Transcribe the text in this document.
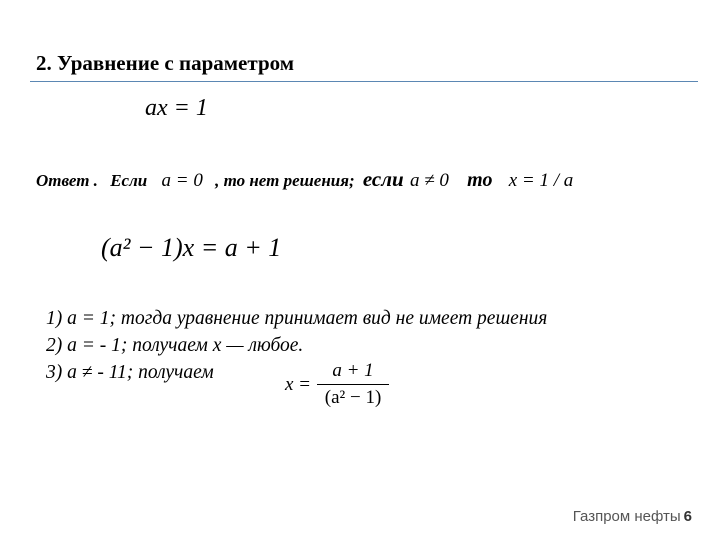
2. Уравнение с параметром
ax = 1
Ответ . Если a = 0 , то нет решения; если a ≠ 0 то x = 1 / a
(a² − 1)x = a + 1
1) а = 1; тогда уравнение принимает вид не имеет решения
2) а = - 1; получаем х — любое.
3) а ≠ - 11; получаем
$x = \frac{a + 1}{\text{(a² − 1)}}$
Газпром нефты 6
